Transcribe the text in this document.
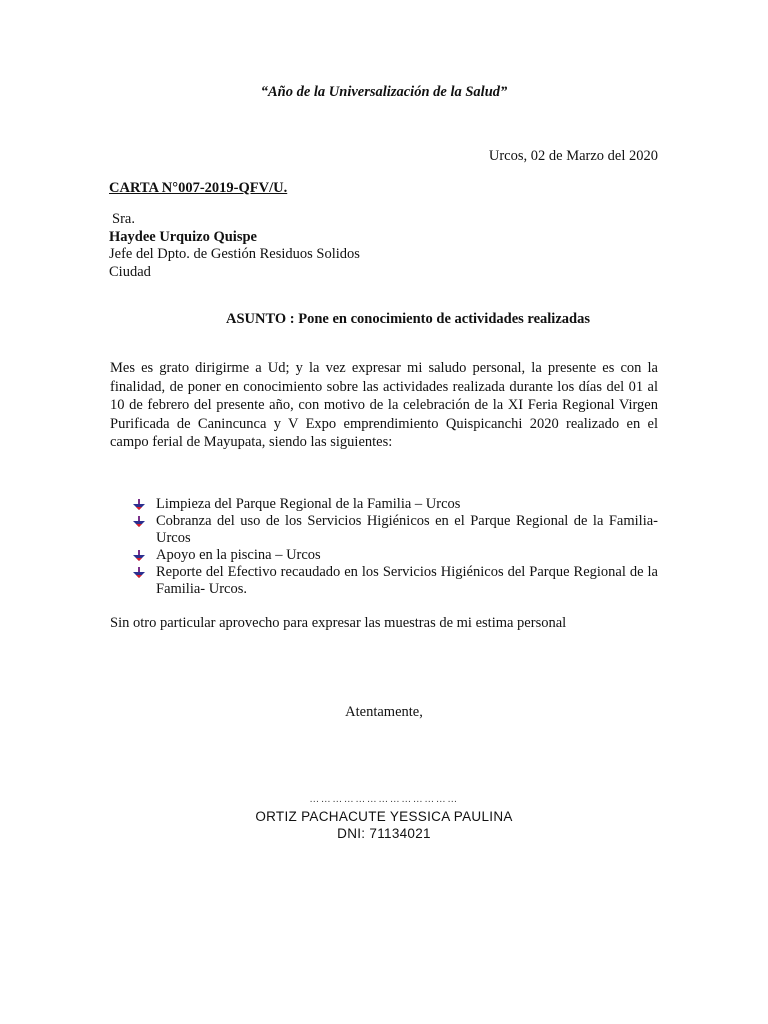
“Año de la Universalización de la Salud”
Urcos, 02 de Marzo del 2020
CARTA N°007-2019-QFV/U.
Sra.
Haydee Urquizo Quispe
Jefe del Dpto. de Gestión Residuos Solidos
Ciudad
ASUNTO : Pone en conocimiento de actividades realizadas
Mes es grato dirigirme a Ud; y la vez expresar mi saludo personal, la presente es con la finalidad, de poner en conocimiento sobre las actividades realizada durante los días del 01 al 10 de febrero del presente año, con motivo de la celebración de la XI Feria Regional Virgen Purificada de Canincunca y V Expo emprendimiento Quispicanchi 2020 realizado en el campo ferial de Mayupata, siendo las siguientes:
Limpieza del Parque Regional de la Familia – Urcos
Cobranza del uso de los Servicios Higiénicos en el Parque Regional de la Familia- Urcos
Apoyo en la piscina – Urcos
Reporte del Efectivo recaudado en los Servicios Higiénicos del Parque Regional de la Familia- Urcos.
Sin otro particular aprovecho para expresar las muestras de mi estima personal
Atentamente,
…………………………………
ORTIZ PACHACUTE YESSICA PAULINA
DNI: 71134021
